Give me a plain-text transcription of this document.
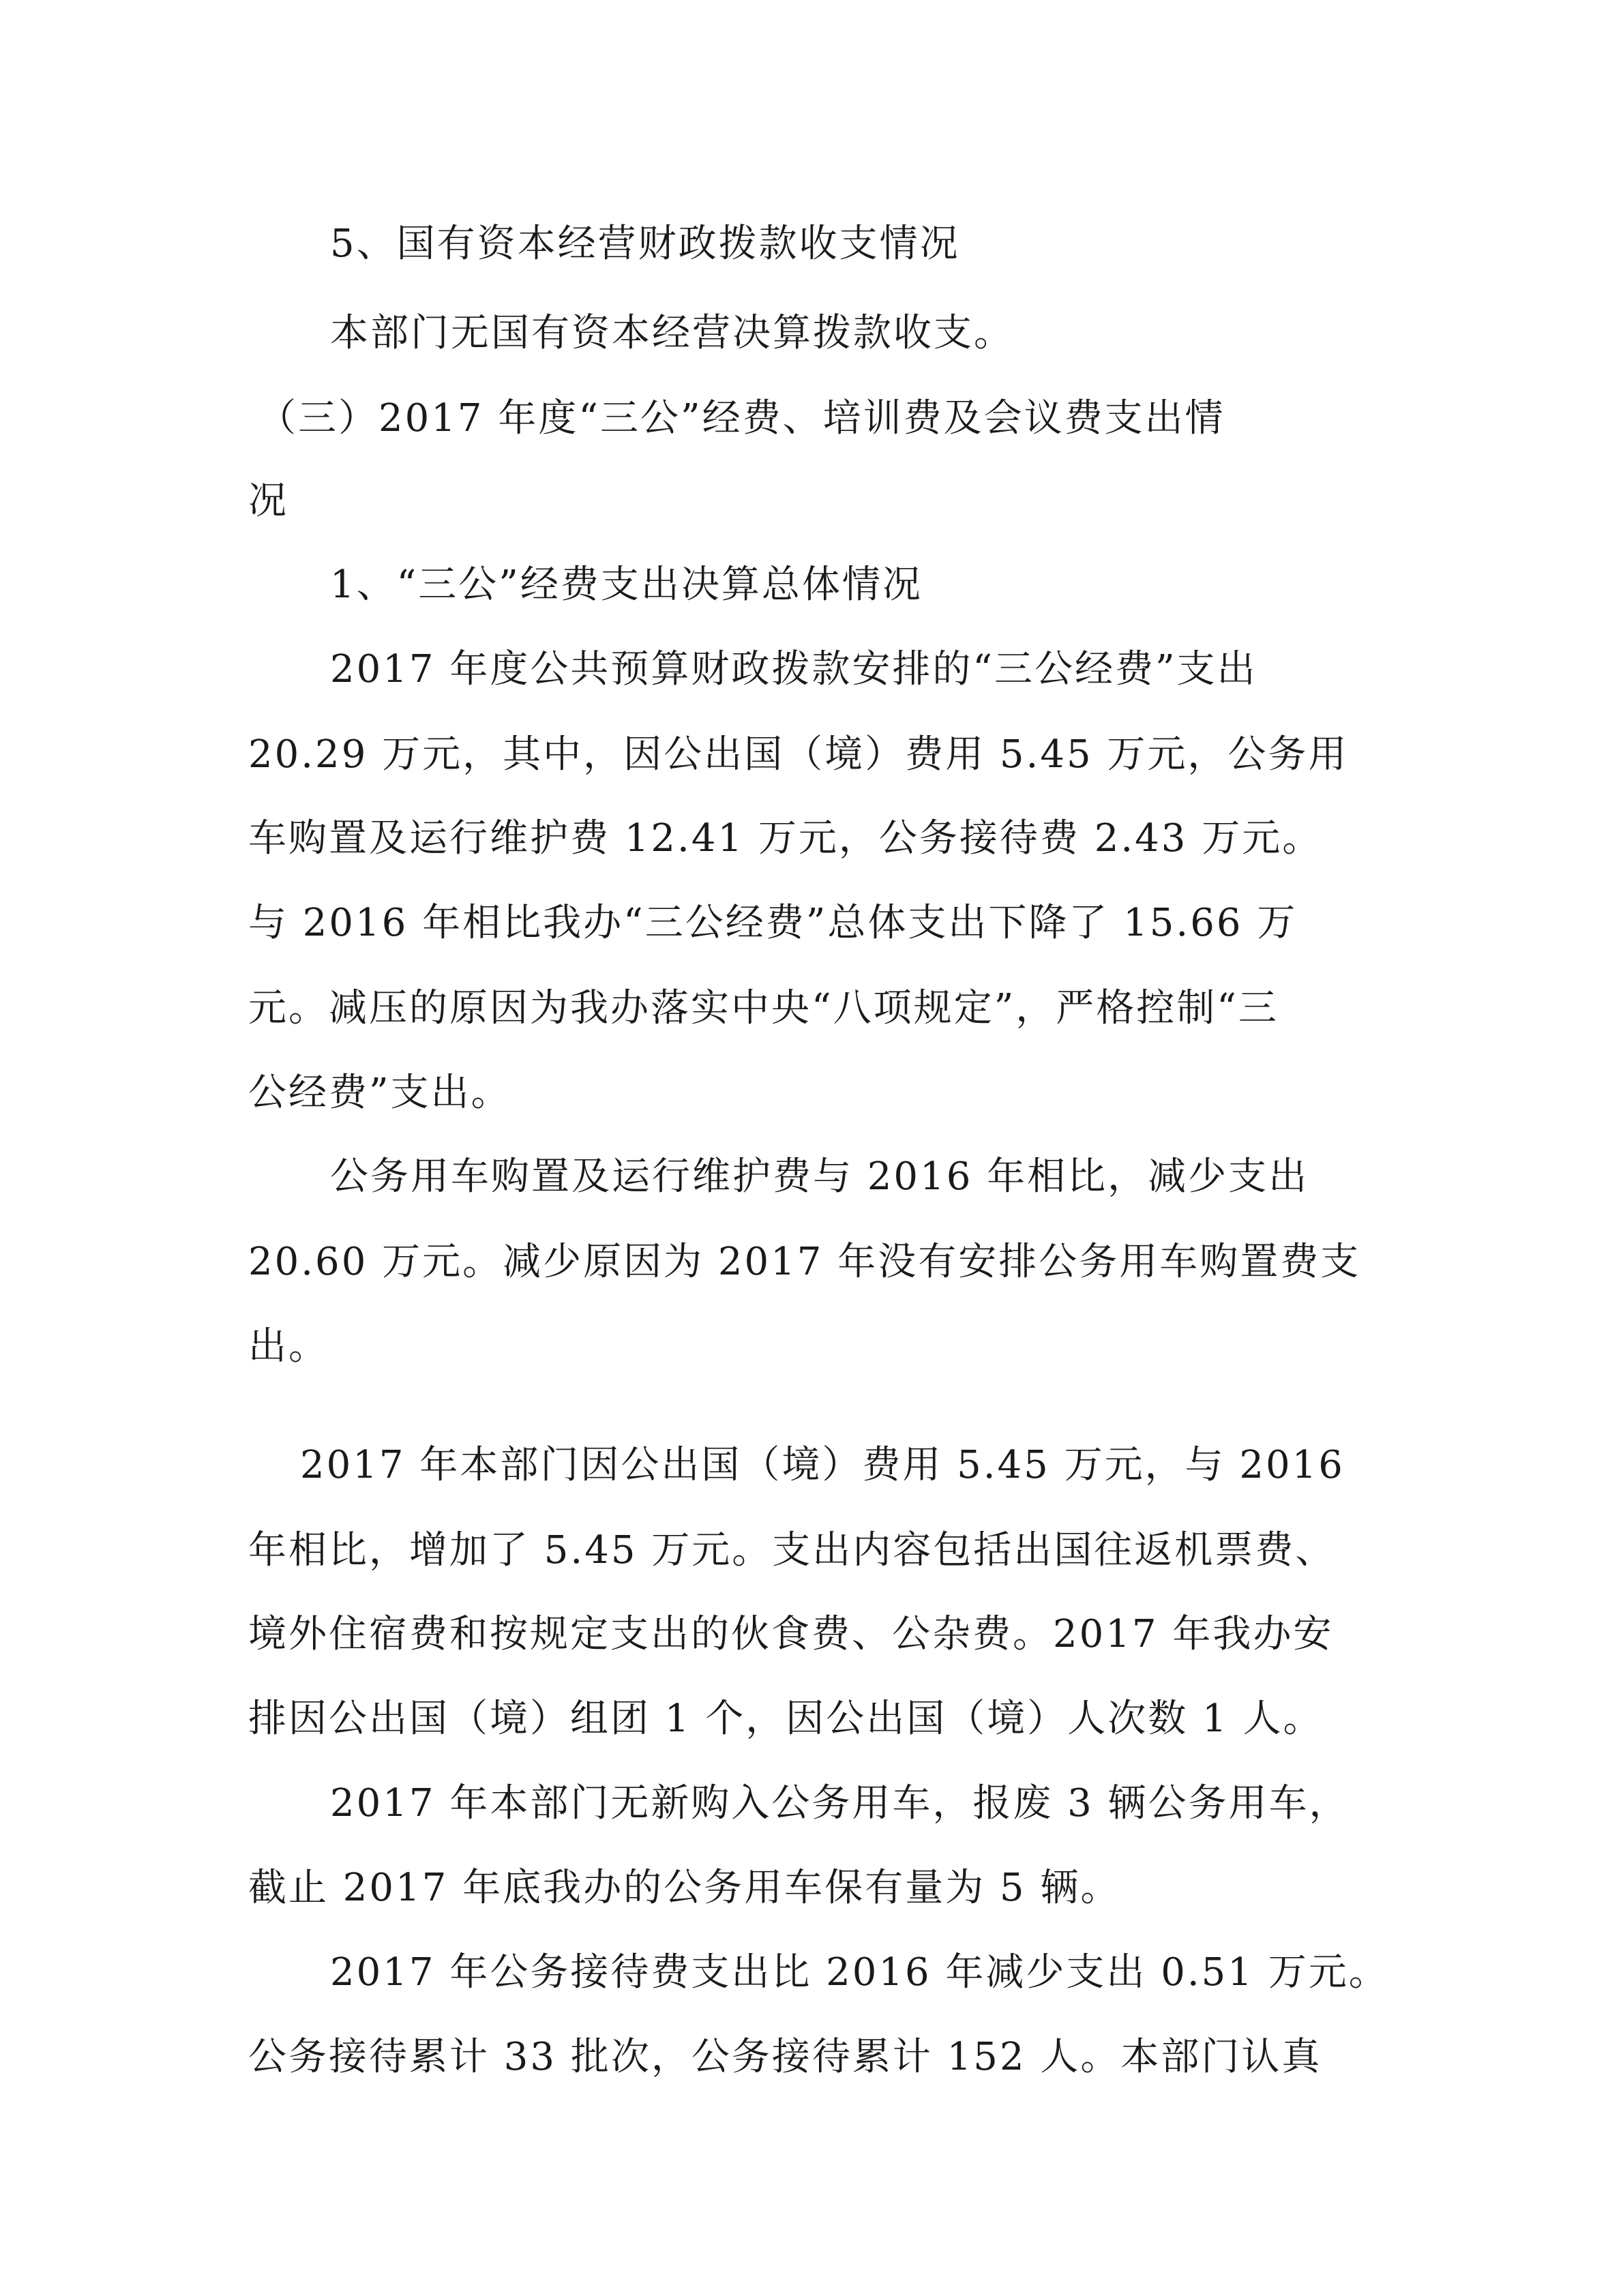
5、国有资本经营财政拨款收支情况
本部门无国有资本经营决算拨款收支。
（三）2017 年度“三公”经费、培训费及会议费支出情
况
1、“三公”经费支出决算总体情况
2017 年度公共预算财政拨款安排的“三公经费”支出
20.29 万元，其中，因公出国（境）费用 5.45 万元，公务用
车购置及运行维护费 12.41 万元，公务接待费 2.43 万元。
与 2016 年相比我办“三公经费”总体支出下降了 15.66 万
元。减压的原因为我办落实中央“八项规定”，严格控制“三
公经费”支出。
公务用车购置及运行维护费与 2016 年相比，减少支出
20.60 万元。减少原因为 2017 年没有安排公务用车购置费支
出。
2017 年本部门因公出国（境）费用 5.45 万元，与 2016
年相比，增加了 5.45 万元。支出内容包括出国往返机票费、
境外住宿费和按规定支出的伙食费、公杂费。2017 年我办安
排因公出国（境）组团 1 个，因公出国（境）人次数 1 人。
2017 年本部门无新购入公务用车，报废 3 辆公务用车，
截止 2017 年底我办的公务用车保有量为 5 辆。
2017 年公务接待费支出比 2016 年减少支出 0.51 万元。
公务接待累计 33 批次，公务接待累计 152 人。本部门认真
